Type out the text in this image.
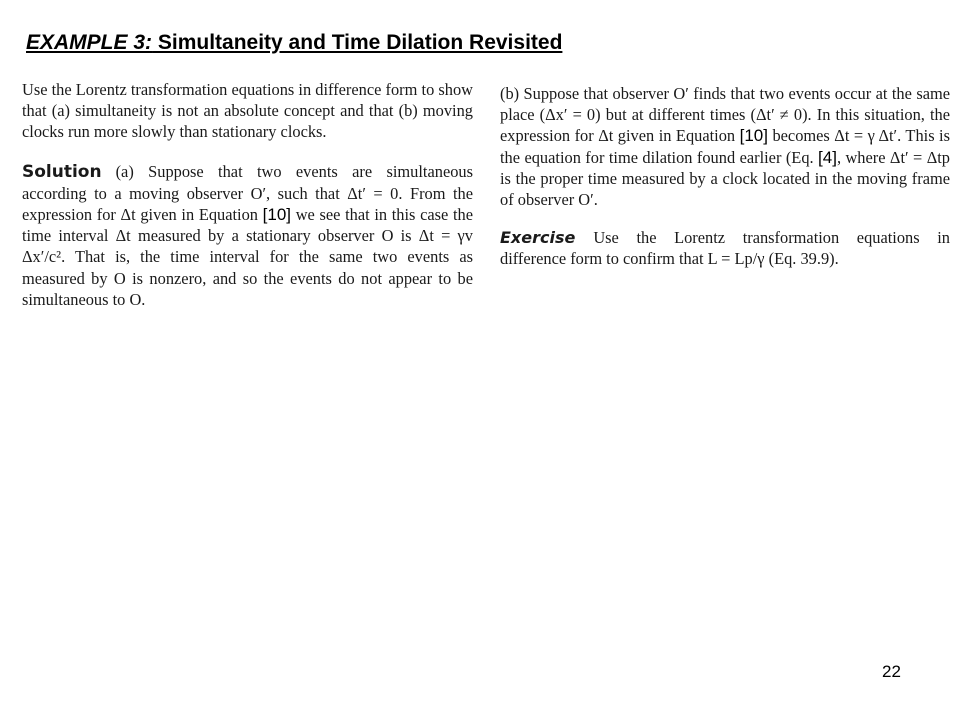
EXAMPLE 3: Simultaneity and Time Dilation Revisited

Use the Lorentz transformation equations in difference form to show that (a) simultaneity is not an absolute concept and that (b) moving clocks run more slowly than stationary clocks.

Solution (a) Suppose that two events are simultaneous according to a moving observer O′, such that Δt′ = 0. From the expression for Δt given in Equation [10] we see that in this case the time interval Δt measured by a stationary observer O is Δt = γv Δx′/c². That is, the time interval for the same two events as measured by O is nonzero, and so the events do not appear to be simultaneous to O.

(b) Suppose that observer O′ finds that two events occur at the same place (Δx′ = 0) but at different times (Δt′ ≠ 0). In this situation, the expression for Δt given in Equation [10] becomes Δt = γ Δt′. This is the equation for time dilation found earlier (Eq. [4], where Δt′ = Δtp is the proper time measured by a clock located in the moving frame of observer O′.

Exercise Use the Lorentz transformation equations in difference form to confirm that L = Lp/γ (Eq. 39.9).

22
